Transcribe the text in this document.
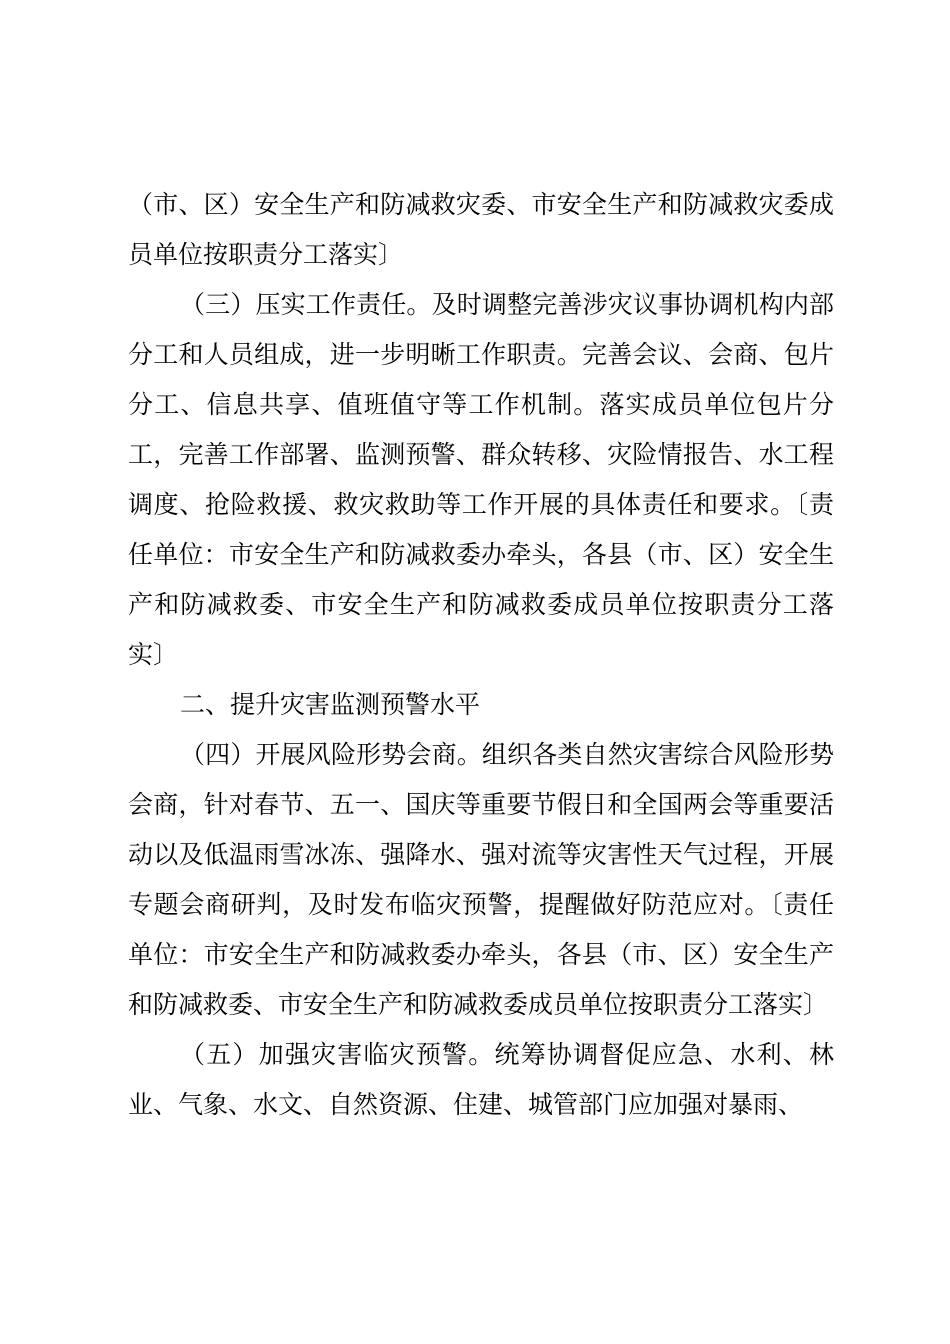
（市、区）安全生产和防减救灾委、市安全生产和防减救灾委成员单位按职责分工落实〕

（三）压实工作责任。及时调整完善涉灾议事协调机构内部分工和人员组成，进一步明晰工作职责。完善会议、会商、包片分工、信息共享、值班值守等工作机制。落实成员单位包片分工，完善工作部署、监测预警、群众转移、灾险情报告、水工程调度、抢险救援、救灾救助等工作开展的具体责任和要求。〔责任单位：市安全生产和防减救委办牵头，各县（市、区）安全生产和防减救委、市安全生产和防减救委成员单位按职责分工落实〕

二、提升灾害监测预警水平

（四）开展风险形势会商。组织各类自然灾害综合风险形势会商，针对春节、五一、国庆等重要节假日和全国两会等重要活动以及低温雨雪冰冻、强降水、强对流等灾害性天气过程，开展专题会商研判，及时发布临灾预警，提醒做好防范应对。〔责任单位：市安全生产和防减救委办牵头，各县（市、区）安全生产和防减救委、市安全生产和防减救委成员单位按职责分工落实〕

（五）加强灾害临灾预警。统筹协调督促应急、水利、林业、气象、水文、自然资源、住建、城管部门应加强对暴雨、
